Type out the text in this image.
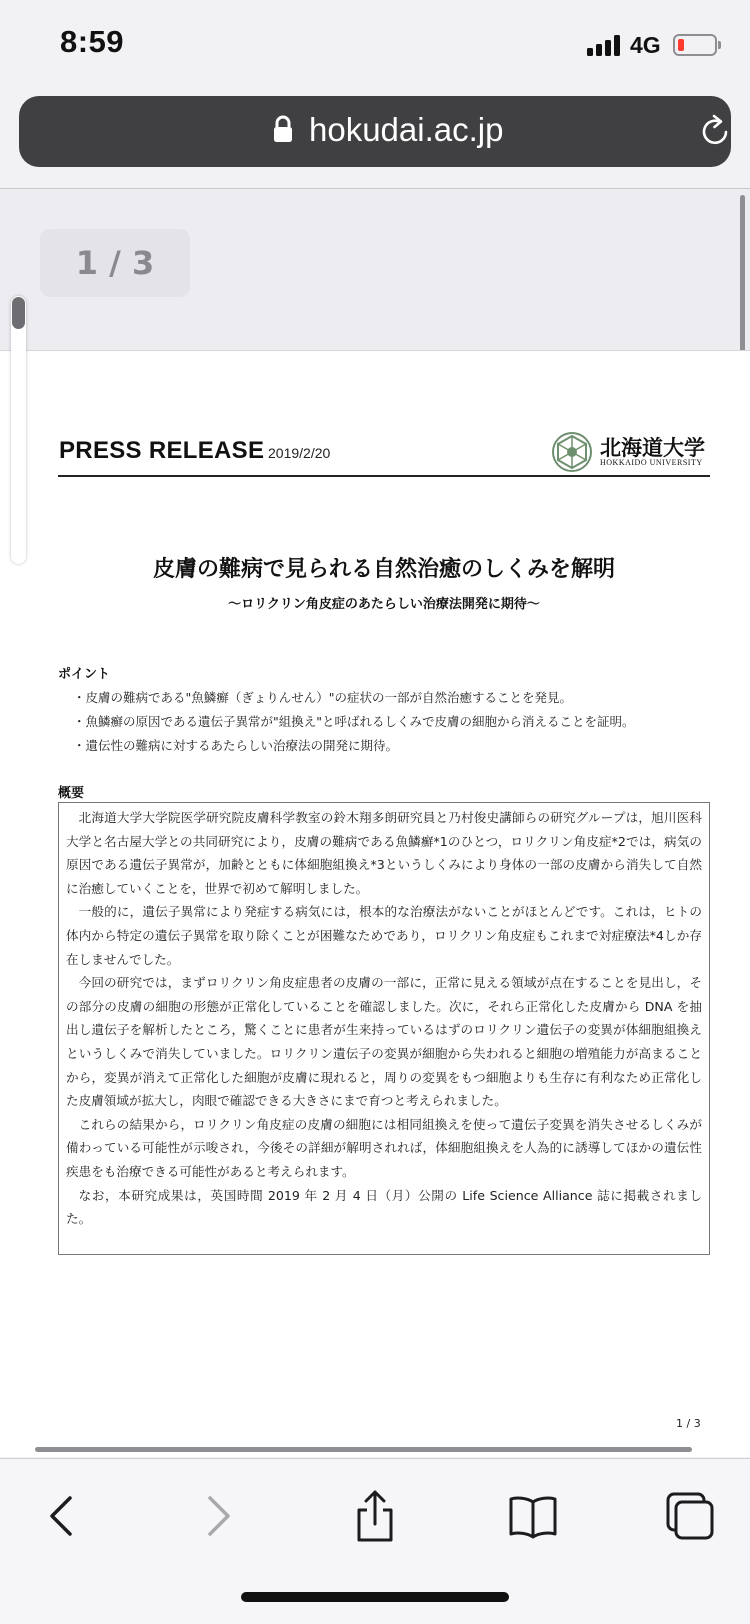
8:59	4G
hokudai.ac.jp
1 / 3
PRESS RELEASE 2019/2/20	北海道大学
HOKKAIDO UNIVERSITY
皮膚の難病で見られる自然治癒のしくみを解明
〜ロリクリン角皮症のあたらしい治療法開発に期待〜
ポイント
・皮膚の難病である"魚鱗癬（ぎょりんせん）"の症状の一部が自然治癒することを発見。
・魚鱗癬の原因である遺伝子異常が"組換え"と呼ばれるしくみで皮膚の細胞から消えることを証明。
・遺伝性の難病に対するあたらしい治療法の開発に期待。
概要

北海道大学大学院医学研究院皮膚科学教室の鈴木翔多朗研究員と乃村俊史講師らの研究グループは，旭川医科大学と名古屋大学との共同研究により，皮膚の難病である魚鱗癬*1のひとつ，ロリクリン角皮症*2では，病気の原因である遺伝子異常が，加齢とともに体細胞組換え*3というしくみにより身体の一部の皮膚から消失して自然に治癒していくことを，世界で初めて解明しました。

一般的に，遺伝子異常により発症する病気には，根本的な治療法がないことがほとんどです。これは，ヒトの体内から特定の遺伝子異常を取り除くことが困難なためであり，ロリクリン角皮症もこれまで対症療法*4しか存在しませんでした。

今回の研究では，まずロリクリン角皮症患者の皮膚の一部に，正常に見える領域が点在することを見出し，その部分の皮膚の細胞の形態が正常化していることを確認しました。次に，それら正常化した皮膚から DNA を抽出し遺伝子を解析したところ，驚くことに患者が生来持っているはずのロリクリン遺伝子の変異が体細胞組換えというしくみで消失していました。ロリクリン遺伝子の変異が細胞から失われると細胞の増殖能力が高まることから，変異が消えて正常化した細胞が皮膚に現れると，周りの変異をもつ細胞よりも生存に有利なため正常化した皮膚領域が拡大し，肉眼で確認できる大きさにまで育つと考えられました。

これらの結果から，ロリクリン角皮症の皮膚の細胞には相同組換えを使って遺伝子変異を消失させるしくみが備わっている可能性が示唆され，今後その詳細が解明されれば，体細胞組換えを人為的に誘導してほかの遺伝性疾患をも治療できる可能性があると考えられます。

なお，本研究成果は，英国時間 2019 年 2 月 4 日（月）公開の Life Science Alliance 誌に掲載されました。

1 / 3
